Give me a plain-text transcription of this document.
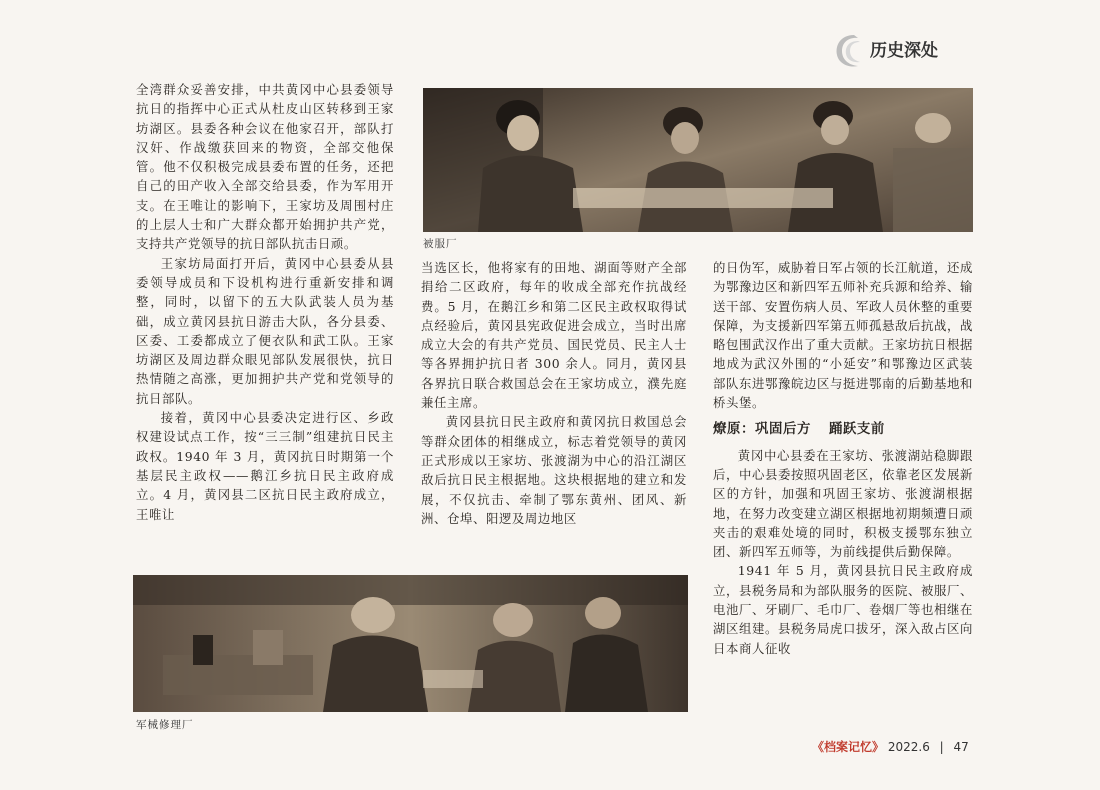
历史深处

全湾群众妥善安排，中共黄冈中心县委领导抗日的指挥中心正式从杜皮山区转移到王家坊湖区。县委各种会议在他家召开，部队打汉奸、作战缴获回来的物资，全部交他保管。他不仅积极完成县委布置的任务，还把自己的田产收入全部交给县委，作为军用开支。在王唯让的影响下，王家坊及周围村庄的上层人士和广大群众都开始拥护共产党，支持共产党领导的抗日部队抗击日顽。

王家坊局面打开后，黄冈中心县委从县委领导成员和下设机构进行重新安排和调整，同时，以留下的五大队武装人员为基础，成立黄冈县抗日游击大队，各分县委、区委、工委都成立了便衣队和武工队。王家坊湖区及周边群众眼见部队发展很快，抗日热情随之高涨，更加拥护共产党和党领导的抗日部队。

接着，黄冈中心县委决定进行区、乡政权建设试点工作，按“三三制”组建抗日民主政权。1940 年 3 月，黄冈抗日时期第一个基层民主政权——鹅江乡抗日民主政府成立。4 月，黄冈县二区抗日民主政府成立，王唯让

被服厂

当选区长，他将家有的田地、湖面等财产全部捐给二区政府，每年的收成全部充作抗战经费。5 月，在鹅江乡和第二区民主政权取得试点经验后，黄冈县宪政促进会成立，当时出席成立大会的有共产党员、国民党员、民主人士等各界拥护抗日者 300 余人。同月，黄冈县各界抗日联合救国总会在王家坊成立，濮先庭兼任主席。

黄冈县抗日民主政府和黄冈抗日救国总会等群众团体的相继成立，标志着党领导的黄冈正式形成以王家坊、张渡湖为中心的沿江湖区敌后抗日民主根据地。这块根据地的建立和发展，不仅抗击、牵制了鄂东黄州、团风、新洲、仓埠、阳逻及周边地区

的日伪军，威胁着日军占领的长江航道，还成为鄂豫边区和新四军五师补充兵源和给养、输送干部、安置伤病人员、军政人员休整的重要保障，为支援新四军第五师孤悬敌后抗战，战略包围武汉作出了重大贡献。王家坊抗日根据地成为武汉外围的“小延安”和鄂豫边区武装部队东进鄂豫皖边区与挺进鄂南的后勤基地和桥头堡。

燎原：巩固后方 踊跃支前

黄冈中心县委在王家坊、张渡湖站稳脚跟后，中心县委按照巩固老区，依靠老区发展新区的方针，加强和巩固王家坊、张渡湖根据地，在努力改变建立湖区根据地初期频遭日顽夹击的艰难处境的同时，积极支援鄂东独立团、新四军五师等，为前线提供后勤保障。

1941 年 5 月，黄冈县抗日民主政府成立，县税务局和为部队服务的医院、被服厂、电池厂、牙刷厂、毛巾厂、卷烟厂等也相继在湖区组建。县税务局虎口拔牙，深入敌占区向日本商人征收

军械修理厂
《档案记忆》 2022.6 | 47
